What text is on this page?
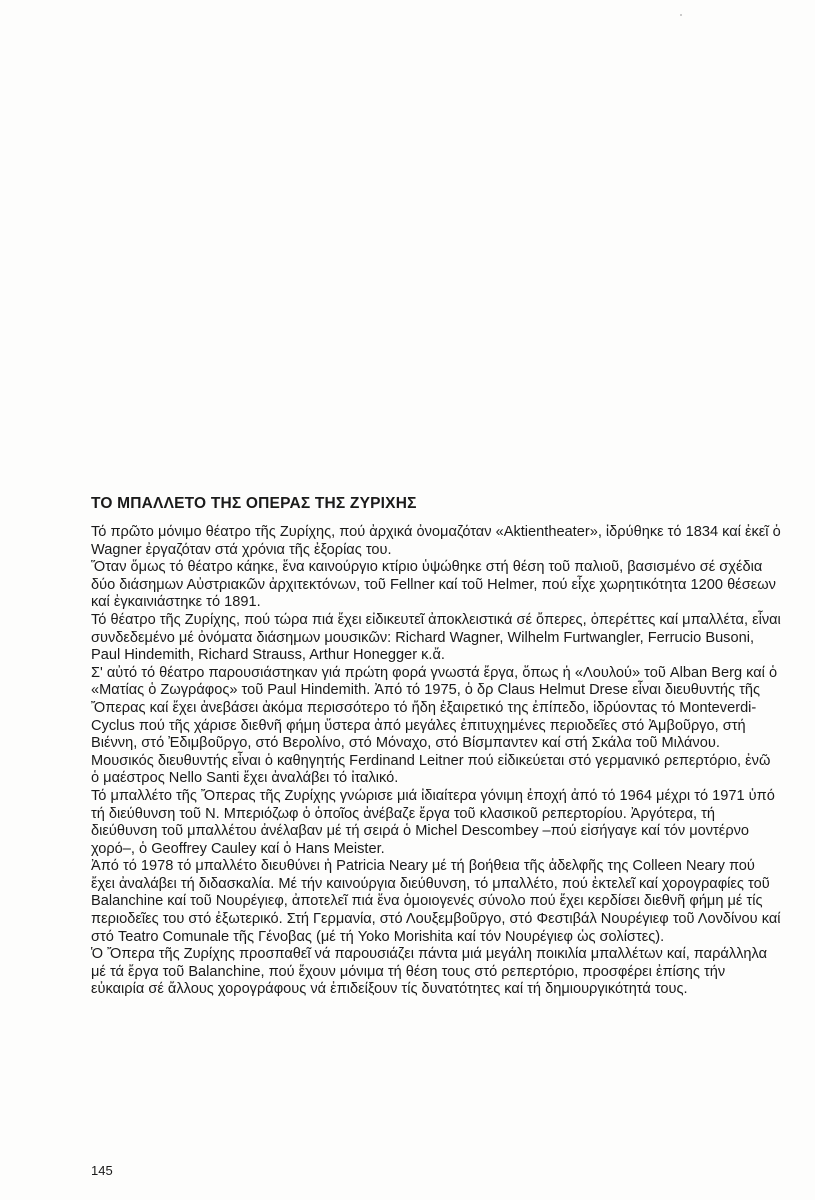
ΤΟ ΜΠΑΛΛΕΤΟ ΤΗΣ ΟΠΕΡΑΣ ΤΗΣ ΖΥΡΙΧΗΣ

Τό πρῶτο μόνιμο θέατρο τῆς Ζυρίχης, πού ἀρχικά ὀνομαζόταν «Aktientheater», ἱδρύθηκε τό 1834 καί ἐκεῖ ὁ Wagner ἐργαζόταν στά χρόνια τῆς ἐξορίας του.

Ὅταν ὅμως τό θέατρο κάηκε, ἕνα καινούργιο κτίριο ὑψώθηκε στή θέση τοῦ παλιοῦ, βασισμένο σέ σχέδια δύο διάσημων Αὐστριακῶν ἀρχιτεκτόνων, τοῦ Fellner καί τοῦ Helmer, πού εἶχε χωρητικότητα 1200 θέσεων καί ἐγκαινιάστηκε τό 1891.

Τό θέατρο τῆς Ζυρίχης, πού τώρα πιά ἔχει εἰδικευτεῖ ἀποκλειστικά σέ ὄπερες, ὀπερέττες καί μπαλλέτα, εἶναι συνδεδεμένο μέ ὀνόματα διάσημων μουσικῶν: Richard Wagner, Wilhelm Furtwangler, Ferrucio Busoni, Paul Hindemith, Richard Strauss, Arthur Honegger κ.ἄ.

Σ' αὐτό τό θέατρο παρουσιάστηκαν γιά πρώτη φορά γνωστά ἔργα, ὅπως ἡ «Λουλού» τοῦ Alban Berg καί ὁ «Ματίας ὁ Ζωγράφος» τοῦ Paul Hindemith. Ἀπό τό 1975, ὁ δρ Claus Helmut Drese εἶναι διευθυντής τῆς Ὄπερας καί ἔχει ἀνεβάσει ἀκόμα περισσότερο τό ἤδη ἐξαιρετικό της ἐπίπεδο, ἱδρύοντας τό Monteverdi-Cyclus πού τῆς χάρισε διεθνῆ φήμη ὕστερα ἀπό μεγάλες ἐπιτυχημένες περιοδεῖες στό Ἀμβοῦργο, στή Βιέννη, στό Ἐδιμβοῦργο, στό Βερολίνο, στό Μόναχο, στό Βίσμπαντεν καί στή Σκάλα τοῦ Μιλάνου. Μουσικός διευθυντής εἶναι ὁ καθηγητής Ferdinand Leitner πού εἰδικεύεται στό γερμανικό ρεπερτόριο, ἐνῶ ὁ μαέστρος Nello Santi ἔχει ἀναλάβει τό ἰταλικό.

Τό μπαλλέτο τῆς Ὄπερας τῆς Ζυρίχης γνώρισε μιά ἰδιαίτερα γόνιμη ἐποχή ἀπό τό 1964 μέχρι τό 1971 ὑπό τή διεύθυνση τοῦ Ν. Μπεριόζωφ ὁ ὁποῖος ἀνέβαζε ἔργα τοῦ κλασικοῦ ρεπερτορίου. Ἀργότερα, τή διεύθυνση τοῦ μπαλλέτου ἀνέλαβαν μέ τή σειρά ὁ Michel Descombey –πού εἰσήγαγε καί τόν μοντέρνο χορό–, ὁ Geoffrey Cauley καί ὁ Hans Meister.

Ἀπό τό 1978 τό μπαλλέτο διευθύνει ἡ Patricia Neary μέ τή βοήθεια τῆς ἀδελφῆς της Colleen Neary πού ἔχει ἀναλάβει τή διδασκαλία. Μέ τήν καινούργια διεύθυνση, τό μπαλλέτο, πού ἐκτελεῖ καί χορογραφίες τοῦ Balanchine καί τοῦ Νουρέγιεφ, ἀποτελεῖ πιά ἕνα ὁμοιογενές σύνολο πού ἔχει κερδίσει διεθνῆ φήμη μέ τίς περιοδεῖες του στό ἐξωτερικό. Στή Γερμανία, στό Λουξεμβοῦργο, στό Φεστιβάλ Νουρέγιεφ τοῦ Λονδίνου καί στό Teatro Comunale τῆς Γένοβας (μέ τή Yoko Morishita καί τόν Νουρέγιεφ ὡς σολίστες).

Ὁ Ὄπερα τῆς Ζυρίχης προσπαθεῖ νά παρουσιάζει πάντα μιά μεγάλη ποικιλία μπαλλέτων καί, παράλληλα μέ τά ἔργα τοῦ Balanchine, πού ἔχουν μόνιμα τή θέση τους στό ρεπερτόριο, προσφέρει ἐπίσης τήν εὐκαιρία σέ ἄλλους χορογράφους νά ἐπιδείξουν τίς δυνατότητες καί τή δημιουργικότητά τους.

145
